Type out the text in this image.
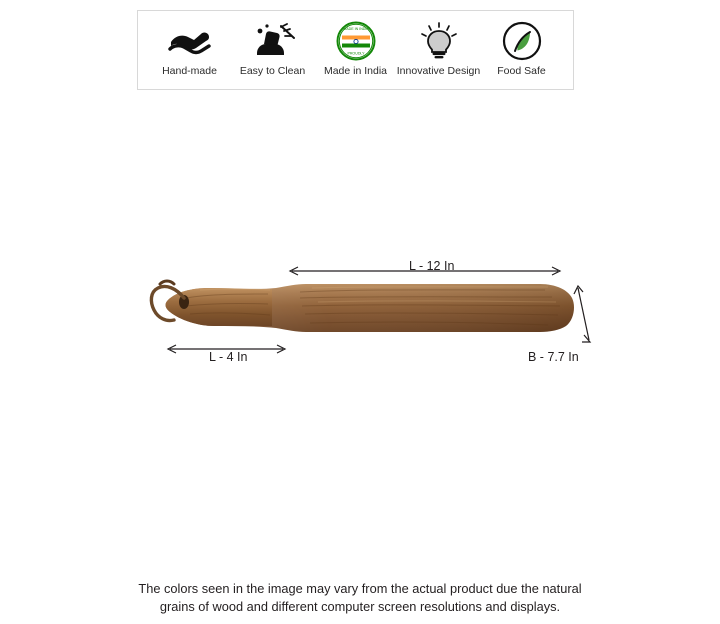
Hand-made Easy to Clean
MADE IN INDIA
PROUDLY
Made in India Innovative Design Food Safe
L - 12 In
L - 4 In	B - 7.7 In
The colors seen in the image may vary from the actual product due the natural
grains of wood and different computer screen resolutions and displays.
